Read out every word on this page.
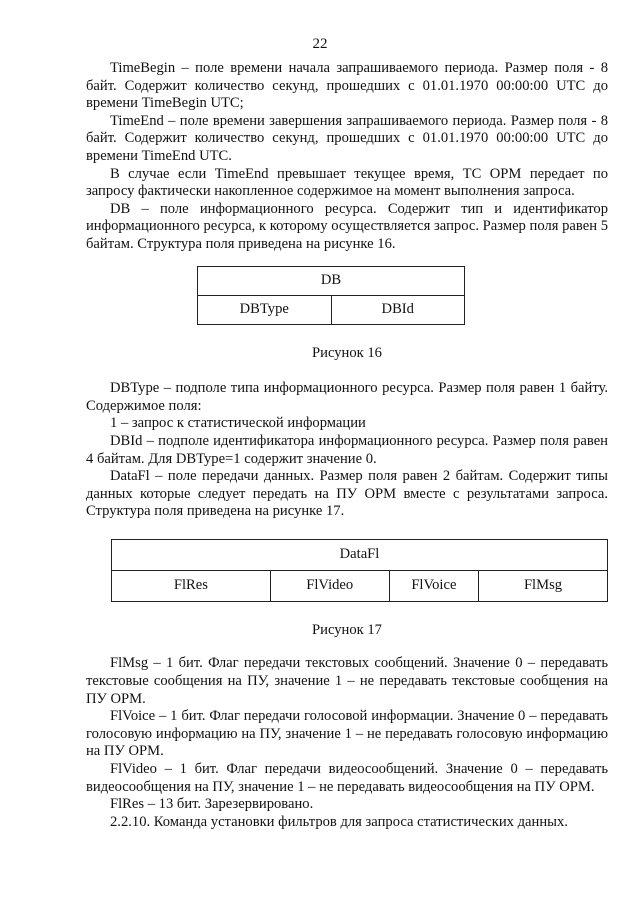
22

TimeBegin – поле времени начала запрашиваемого периода. Размер поля - 8 байт. Содержит количество секунд, прошедших с 01.01.1970 00:00:00 UTC до времени TimeBegin UTC;

TimeEnd – поле времени завершения запрашиваемого периода. Размер поля - 8 байт. Содержит количество секунд, прошедших с 01.01.1970 00:00:00 UTC до времени TimeEnd UTC.

В случае если TimeEnd превышает текущее время, ТС ОРМ передает по запросу фактически накопленное содержимое на момент выполнения запроса.

DB – поле информационного ресурса. Содержит тип и идентификатор информационного ресурса, к которому осуществляется запрос. Размер поля равен 5 байтам. Структура поля приведена на рисунке 16.

DB
DBType	DBId

Рисунок 16

DBType – подполе типа информационного ресурса. Размер поля равен 1 байту. Содержимое поля:

1 – запрос к статистической информации

DBId – подполе идентификатора информационного ресурса. Размер поля равен 4 байтам. Для DBType=1 содержит значение 0.

DataFl – поле передачи данных. Размер поля равен 2 байтам. Содержит типы данных которые следует передать на ПУ ОРМ вместе с результатами запроса. Структура поля приведена на рисунке 17.

DataFl
FlRes	FlVideo	FlVoice	FlMsg

Рисунок 17

FlMsg – 1 бит. Флаг передачи текстовых сообщений. Значение 0 – передавать текстовые сообщения на ПУ, значение 1 – не передавать текстовые сообщения на ПУ ОРМ.

FlVoice – 1 бит. Флаг передачи голосовой информации. Значение 0 – передавать голосовую информацию на ПУ, значение 1 – не передавать голосовую информацию на ПУ ОРМ.

FlVideo – 1 бит. Флаг передачи видеосообщений. Значение 0 – передавать видеосообщения на ПУ, значение 1 – не передавать видеосообщения на ПУ ОРМ.

FlRes – 13 бит. Зарезервировано.

2.2.10. Команда установки фильтров для запроса статистических данных.
